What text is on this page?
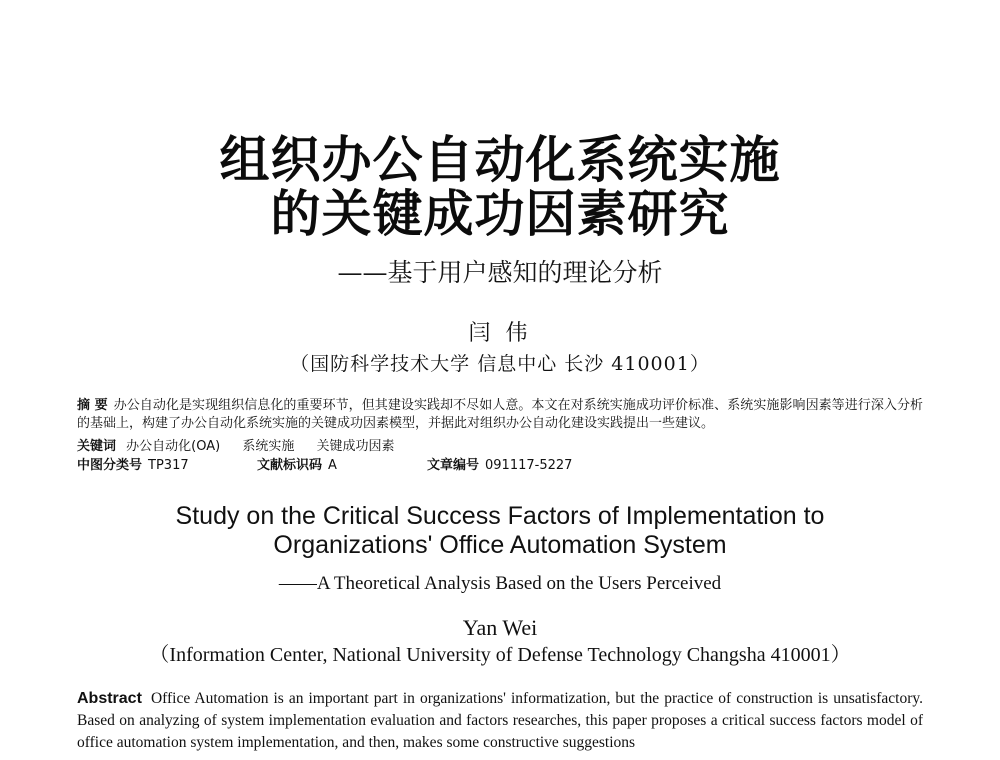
组织办公自动化系统实施
的关键成功因素研究
——基于用户感知的理论分析
闫 伟
（国防科学技术大学 信息中心 长沙 410001）
摘 要 办公自动化是实现组织信息化的重要环节，但其建设实践却不尽如人意。本文在对系统实施成功评价标准、系统实施影响因素等进行深入分析的基础上，构建了办公自动化系统实施的关键成功因素模型，并据此对组织办公自动化建设实践提出一些建议。
关键词 办公自动化(OA) 系统实施 关键成功因素
中图分类号 TP317	文献标识码 A	文章编号 091117-5227
Study on the Critical Success Factors of Implementation to
Organizations' Office Automation System
——A Theoretical Analysis Based on the Users Perceived
Yan Wei
（Information Center, National University of Defense Technology Changsha 410001）
Abstract Office Automation is an important part in organizations' informatization, but the practice of construction is unsatisfactory. Based on analyzing of system implementation evaluation and factors researches, this paper proposes a critical success factors model of office automation system implementation, and then, makes some constructive suggestions
